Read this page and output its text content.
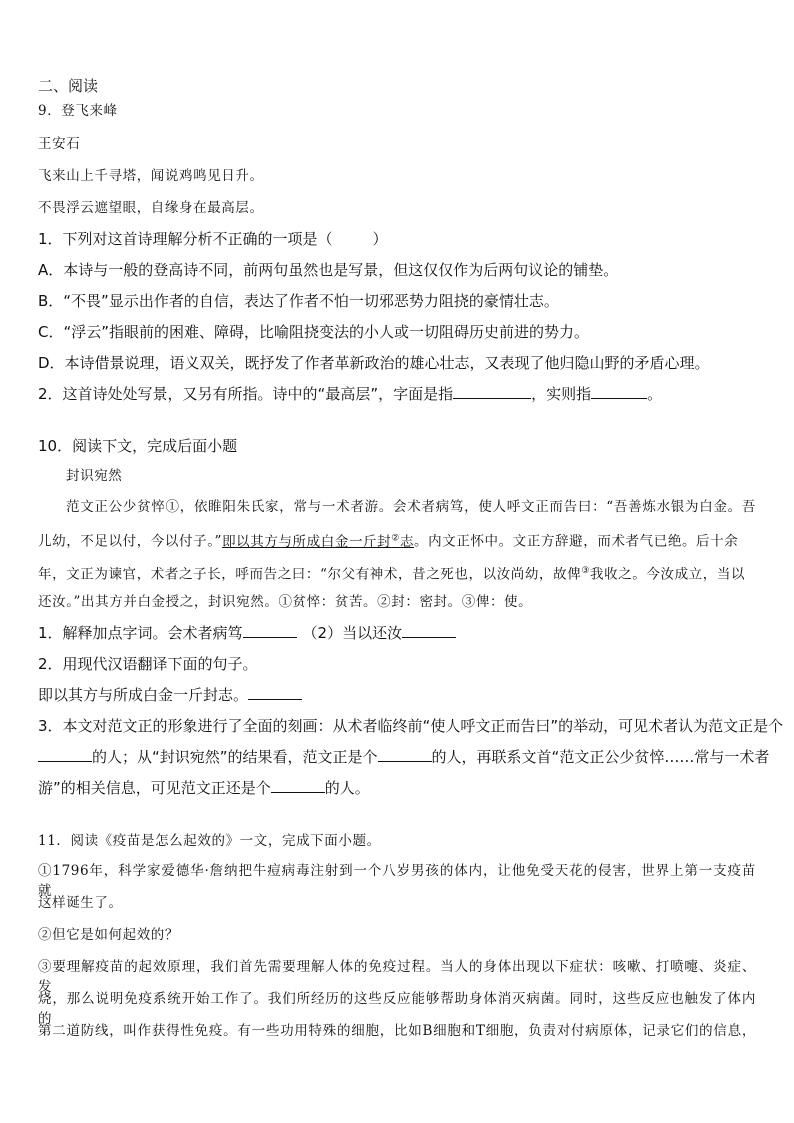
二、阅读
9．登飞来峰
王安石
飞来山上千寻塔，闻说鸡鸣见日升。
不畏浮云遮望眼，自缘身在最高层。
1．下列对这首诗理解分析不正确的一项是（	）
A．本诗与一般的登高诗不同，前两句虽然也是写景，但这仅仅作为后两句议论的铺垫。
B．“不畏”显示出作者的自信，表达了作者不怕一切邪恶势力阻挠的豪情壮志。
C．“浮云”指眼前的困难、障碍，比喻阻挠变法的小人或一切阻碍历史前进的势力。
D．本诗借景说理，语义双关，既抒发了作者革新政治的雄心壮志，又表现了他归隐山野的矛盾心理。
2．这首诗处处写景，又另有所指。诗中的“最高层”，字面是指	，实则指	。
10．阅读下文，完成后面小题
封识宛然
范文正公少贫悴①，依睢阳朱氏家，常与一术者游。会术者病笃，使人呼文正而告曰：“吾善炼水银为白金。吾
儿幼，不足以付，今以付子。”即以其方与所成白金一斤封②志。内文正怀中。文正方辞避，而术者气已绝。后十余
年，文正为谏官，术者之子长，呼而告之曰：“尔父有神术，昔之死也，以汝尚幼，故俾③我收之。今汝成立，当以
还汝。”出其方并白金授之，封识宛然。①贫悴：贫苦。②封：密封。③俾：使。
1．解释加点字词。会术者病笃	（2）当以还汝
2．用现代汉语翻译下面的句子。
即以其方与所成白金一斤封志。
3．本文对范文正的形象进行了全面的刻画：从术者临终前“使人呼文正而告曰”的举动，可见术者认为范文正是个
的人；从“封识宛然”的结果看，范文正是个	的人，再联系文首“范文正公少贫悴……常与一术者
游”的相关信息，可见范文正还是个	的人。
11．阅读《疫苗是怎么起效的》一文，完成下面小题。
①1796年，科学家爱德华·詹纳把牛痘病毒注射到一个八岁男孩的体内，让他免受天花的侵害，世界上第一支疫苗就
这样诞生了。
②但它是如何起效的？
③要理解疫苗的起效原理，我们首先需要理解人体的免疫过程。当人的身体出现以下症状：咳嗽、打喷嚏、炎症、发
烧，那么说明免疫系统开始工作了。我们所经历的这些反应能够帮助身体消灭病菌。同时，这些反应也触发了体内的
第二道防线，叫作获得性免疫。有一些功用特殊的细胞，比如B细胞和T细胞，负责对付病原体，记录它们的信息，
